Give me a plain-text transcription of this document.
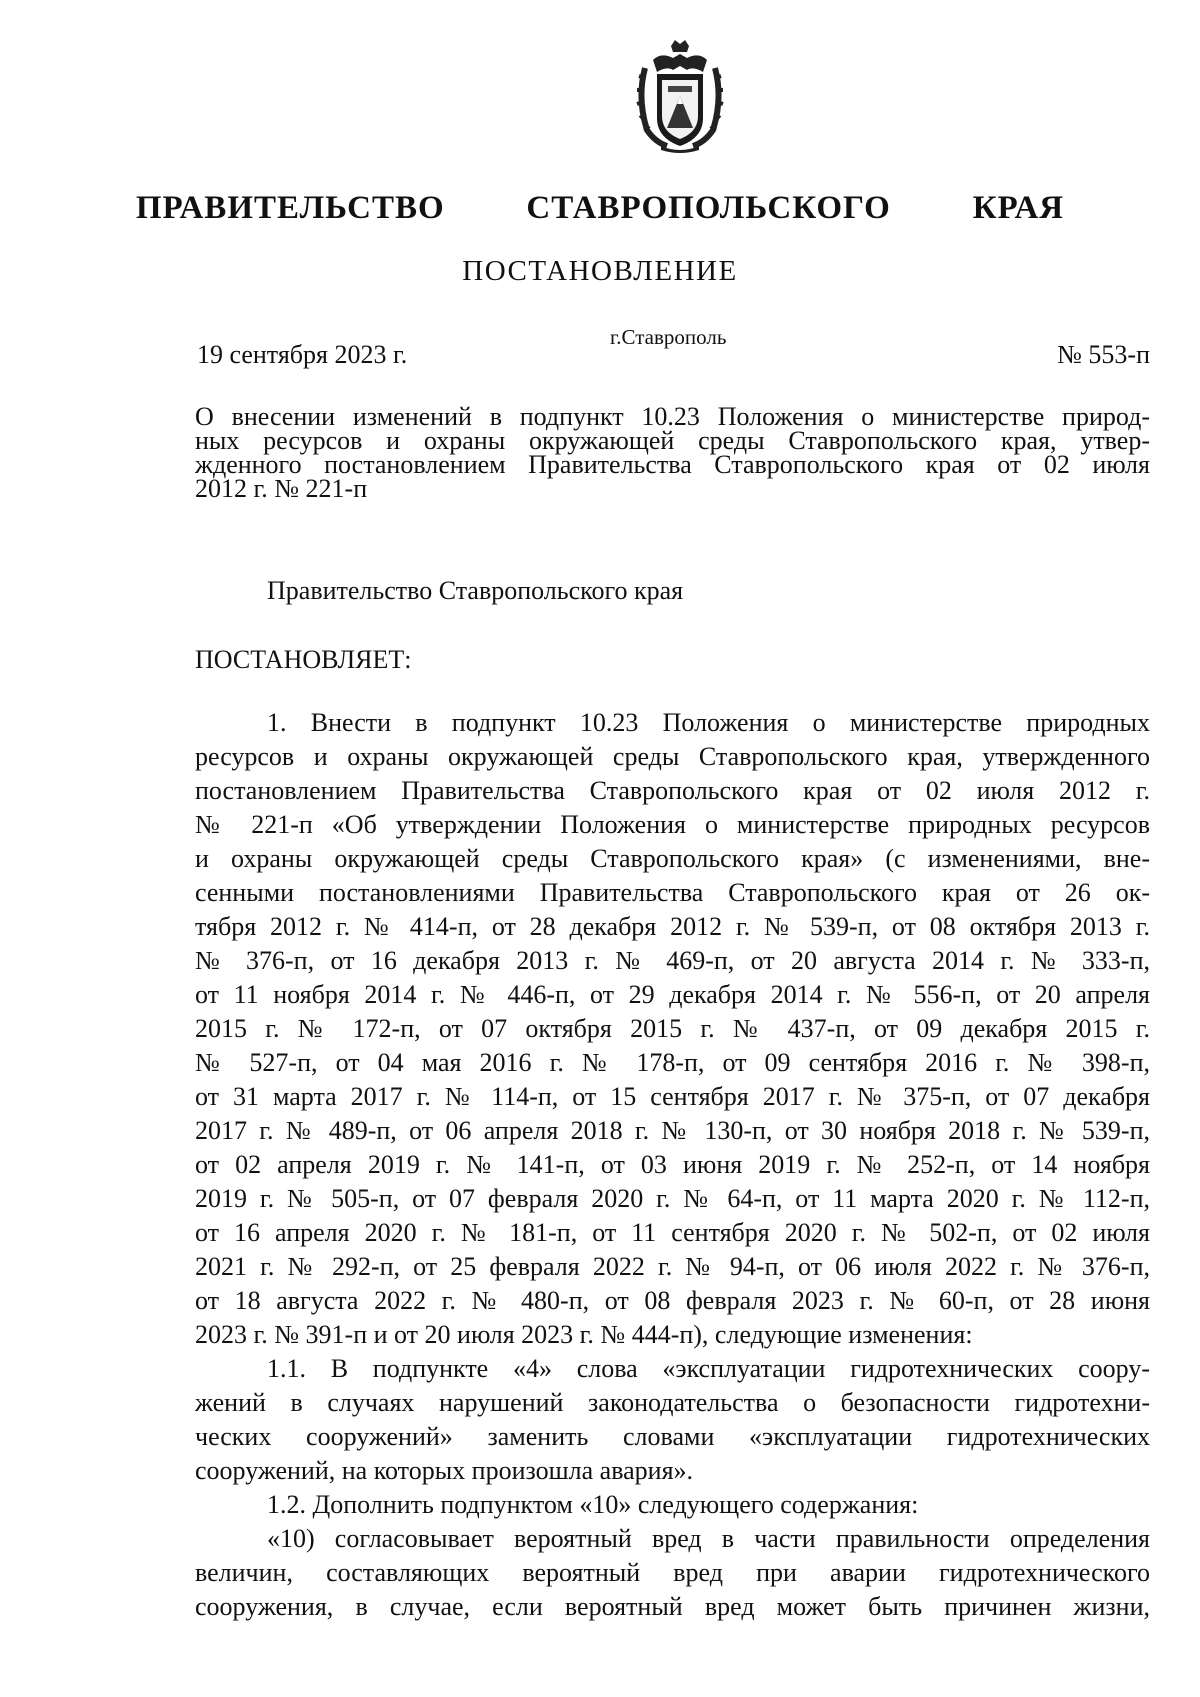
ПРАВИТЕЛЬСТВО   СТАВРОПОЛЬСКОГО   КРАЯ
ПОСТАНОВЛЕНИЕ
19 сентября 2023 г.
г.Ставрополь
№ 553-п
О внесении изменений в подпункт 10.23 Положения о министерстве природ-
ных ресурсов и охраны окружающей среды Ставропольского края, утвер-
жденного постановлением Правительства Ставропольского края от 02 июля
2012 г. № 221-п
Правительство Ставропольского края
ПОСТАНОВЛЯЕТ:
1. Внести в подпункт 10.23 Положения о министерстве природных
ресурсов и охраны окружающей среды Ставропольского края, утвержденного
постановлением Правительства Ставропольского края от 02 июля 2012 г.
№ 221-п «Об утверждении Положения о министерстве природных ресурсов
и охраны окружающей среды Ставропольского края» (с изменениями, вне-
сенными постановлениями Правительства Ставропольского края от 26 ок-
тября 2012 г. № 414-п, от 28 декабря 2012 г. № 539-п, от 08 октября 2013 г.
№ 376-п, от 16 декабря 2013 г. № 469-п, от 20 августа 2014 г. № 333-п,
от 11 ноября 2014 г. № 446-п, от 29 декабря 2014 г. № 556-п, от 20 апреля
2015 г. № 172-п, от 07 октября 2015 г. № 437-п, от 09 декабря 2015 г.
№ 527-п, от 04 мая 2016 г. № 178-п, от 09 сентября 2016 г. № 398-п,
от 31 марта 2017 г. № 114-п, от 15 сентября 2017 г. № 375-п, от 07 декабря
2017 г. № 489-п, от 06 апреля 2018 г. № 130-п, от 30 ноября 2018 г. № 539-п,
от 02 апреля 2019 г. № 141-п, от 03 июня 2019 г. № 252-п, от 14 ноября
2019 г. № 505-п, от 07 февраля 2020 г. № 64-п, от 11 марта 2020 г. № 112-п,
от 16 апреля 2020 г. № 181-п, от 11 сентября 2020 г. № 502-п, от 02 июля
2021 г. № 292-п, от 25 февраля 2022 г. № 94-п, от 06 июля 2022 г. № 376-п,
от 18 августа 2022 г. № 480-п, от 08 февраля 2023 г. № 60-п, от 28 июня
2023 г. № 391-п и от 20 июля 2023 г. № 444-п), следующие изменения:
1.1. В подпункте «4» слова «эксплуатации гидротехнических соору-
жений в случаях нарушений законодательства о безопасности гидротехни-
ческих сооружений» заменить словами «эксплуатации гидротехнических
сооружений, на которых произошла авария».
1.2. Дополнить подпунктом «10» следующего содержания:
«10) согласовывает вероятный вред в части правильности определения
величин, составляющих вероятный вред при аварии гидротехнического
сооружения, в случае, если вероятный вред может быть причинен жизни,
